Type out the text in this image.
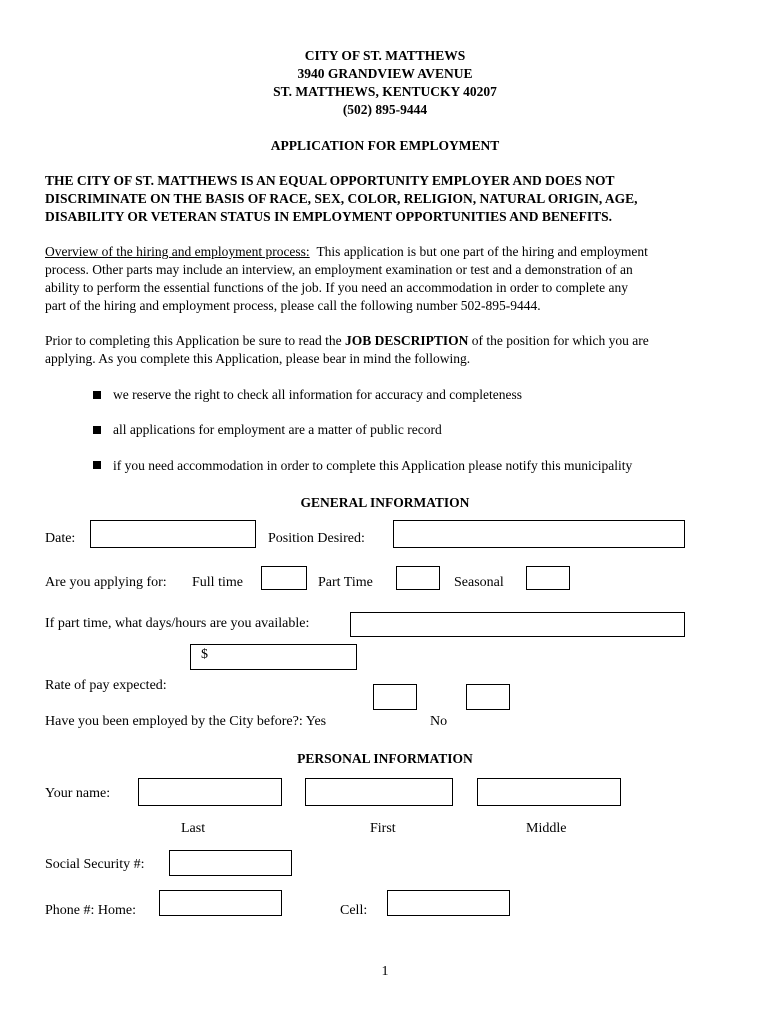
CITY OF ST. MATTHEWS
3940 GRANDVIEW AVENUE
ST. MATTHEWS, KENTUCKY 40207
(502) 895-9444
APPLICATION FOR EMPLOYMENT
THE CITY OF ST. MATTHEWS IS AN EQUAL OPPORTUNITY EMPLOYER AND DOES NOT
DISCRIMINATE ON THE BASIS OF RACE, SEX, COLOR, RELIGION, NATURAL ORIGIN, AGE,
DISABILITY OR VETERAN STATUS IN EMPLOYMENT OPPORTUNITIES AND BENEFITS.
Overview of the hiring and employment process: This application is but one part of the hiring and employment
process. Other parts may include an interview, an employment examination or test and a demonstration of an
ability to perform the essential functions of the job. If you need an accommodation in order to complete any
part of the hiring and employment process, please call the following number 502-895-9444.
Prior to completing this Application be sure to read the JOB DESCRIPTION of the position for which you are
applying. As you complete this Application, please bear in mind the following.
we reserve the right to check all information for accuracy and completeness
all applications for employment are a matter of public record
if you need accommodation in order to complete this Application please notify this municipality
GENERAL INFORMATION
Date:	Position Desired:
Are you applying for: Full time	Part Time	Seasonal
If part time, what days/hours are you available:
$
Rate of pay expected:
Have you been employed by the City before?: Yes	No
PERSONAL INFORMATION
Your name:
Last	First	Middle
Social Security #:
Phone #: Home:	Cell:
1
